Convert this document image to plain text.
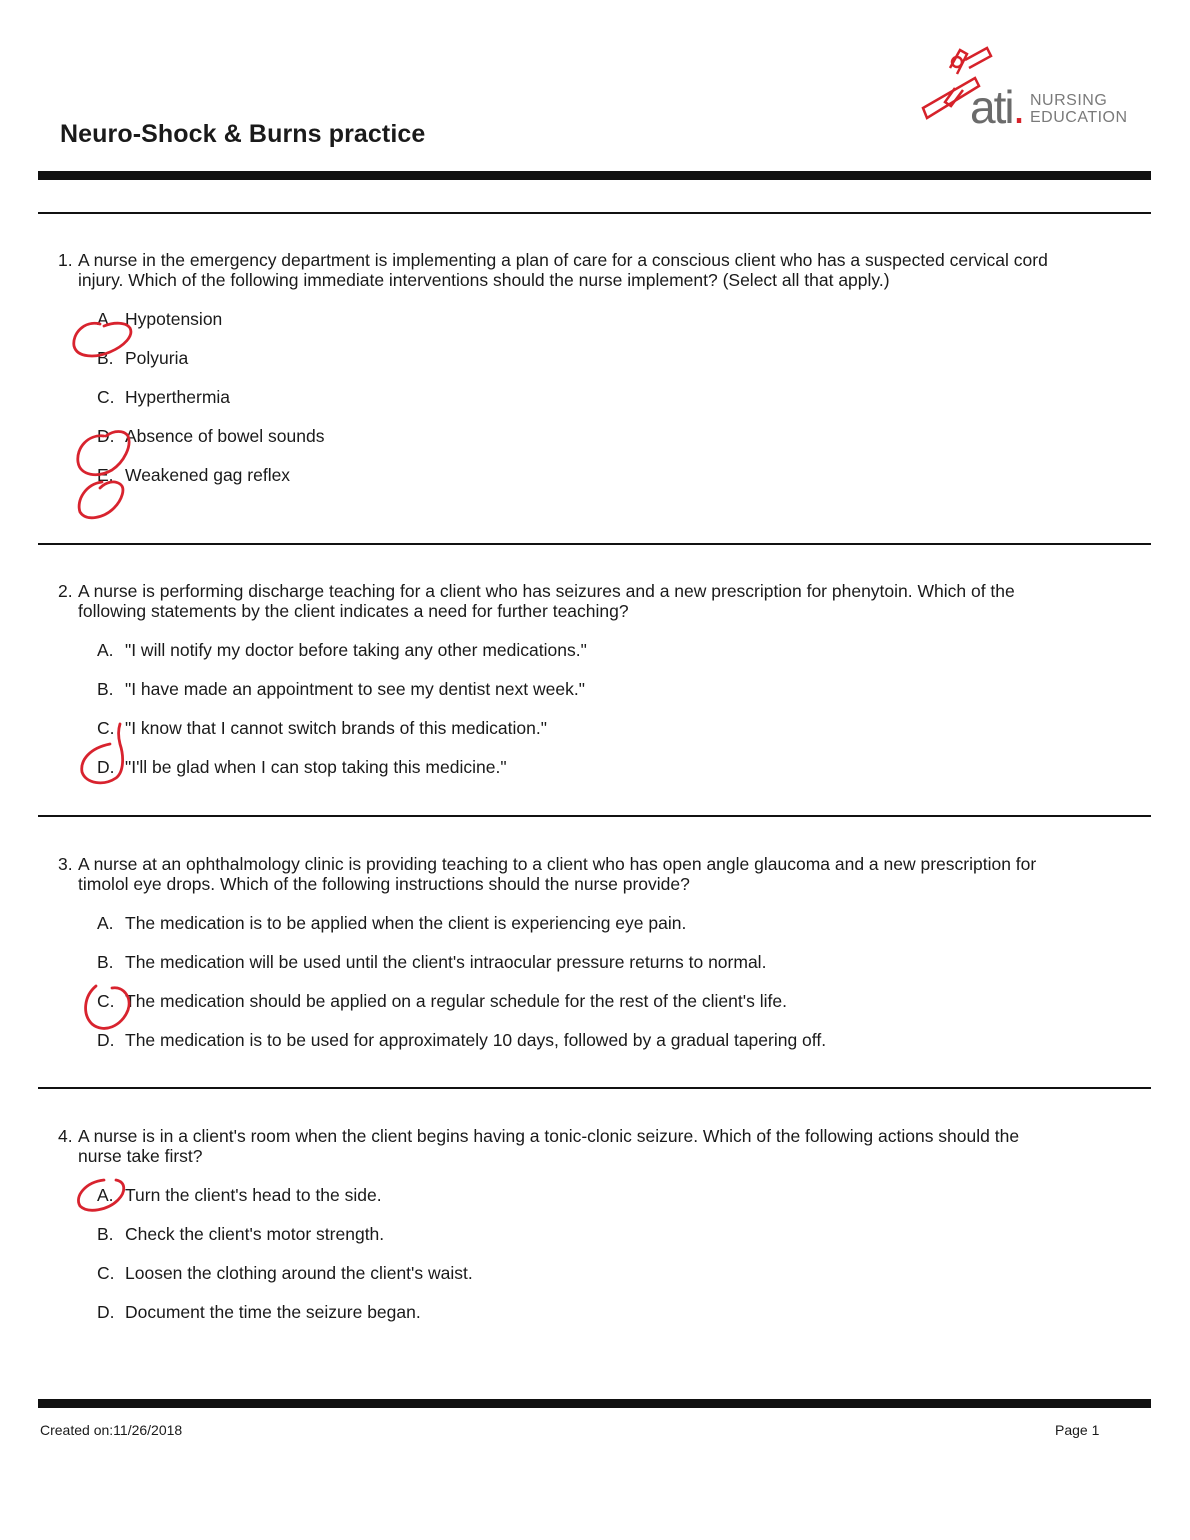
Neuro-Shock & Burns practice
ati. NURSING
EDUCATION
1. A nurse in the emergency department is implementing a plan of care for a conscious client who has a suspected cervical cord injury. Which of the following immediate interventions should the nurse implement? (Select all that apply.)
A. Hypotension
B. Polyuria
C. Hyperthermia
D. Absence of bowel sounds
E. Weakened gag reflex
2. A nurse is performing discharge teaching for a client who has seizures and a new prescription for phenytoin. Which of the following statements by the client indicates a need for further teaching?
A. "I will notify my doctor before taking any other medications."
B. "I have made an appointment to see my dentist next week."
C. "I know that I cannot switch brands of this medication."
D. "I'll be glad when I can stop taking this medicine."
3. A nurse at an ophthalmology clinic is providing teaching to a client who has open angle glaucoma and a new prescription for timolol eye drops. Which of the following instructions should the nurse provide?
A. The medication is to be applied when the client is experiencing eye pain.
B. The medication will be used until the client's intraocular pressure returns to normal.
C. The medication should be applied on a regular schedule for the rest of the client's life.
D. The medication is to be used for approximately 10 days, followed by a gradual tapering off.
4. A nurse is in a client's room when the client begins having a tonic-clonic seizure. Which of the following actions should the nurse take first?
A. Turn the client's head to the side.
B. Check the client's motor strength.
C. Loosen the clothing around the client's waist.
D. Document the time the seizure began.
Created on:11/26/2018	Page 1
